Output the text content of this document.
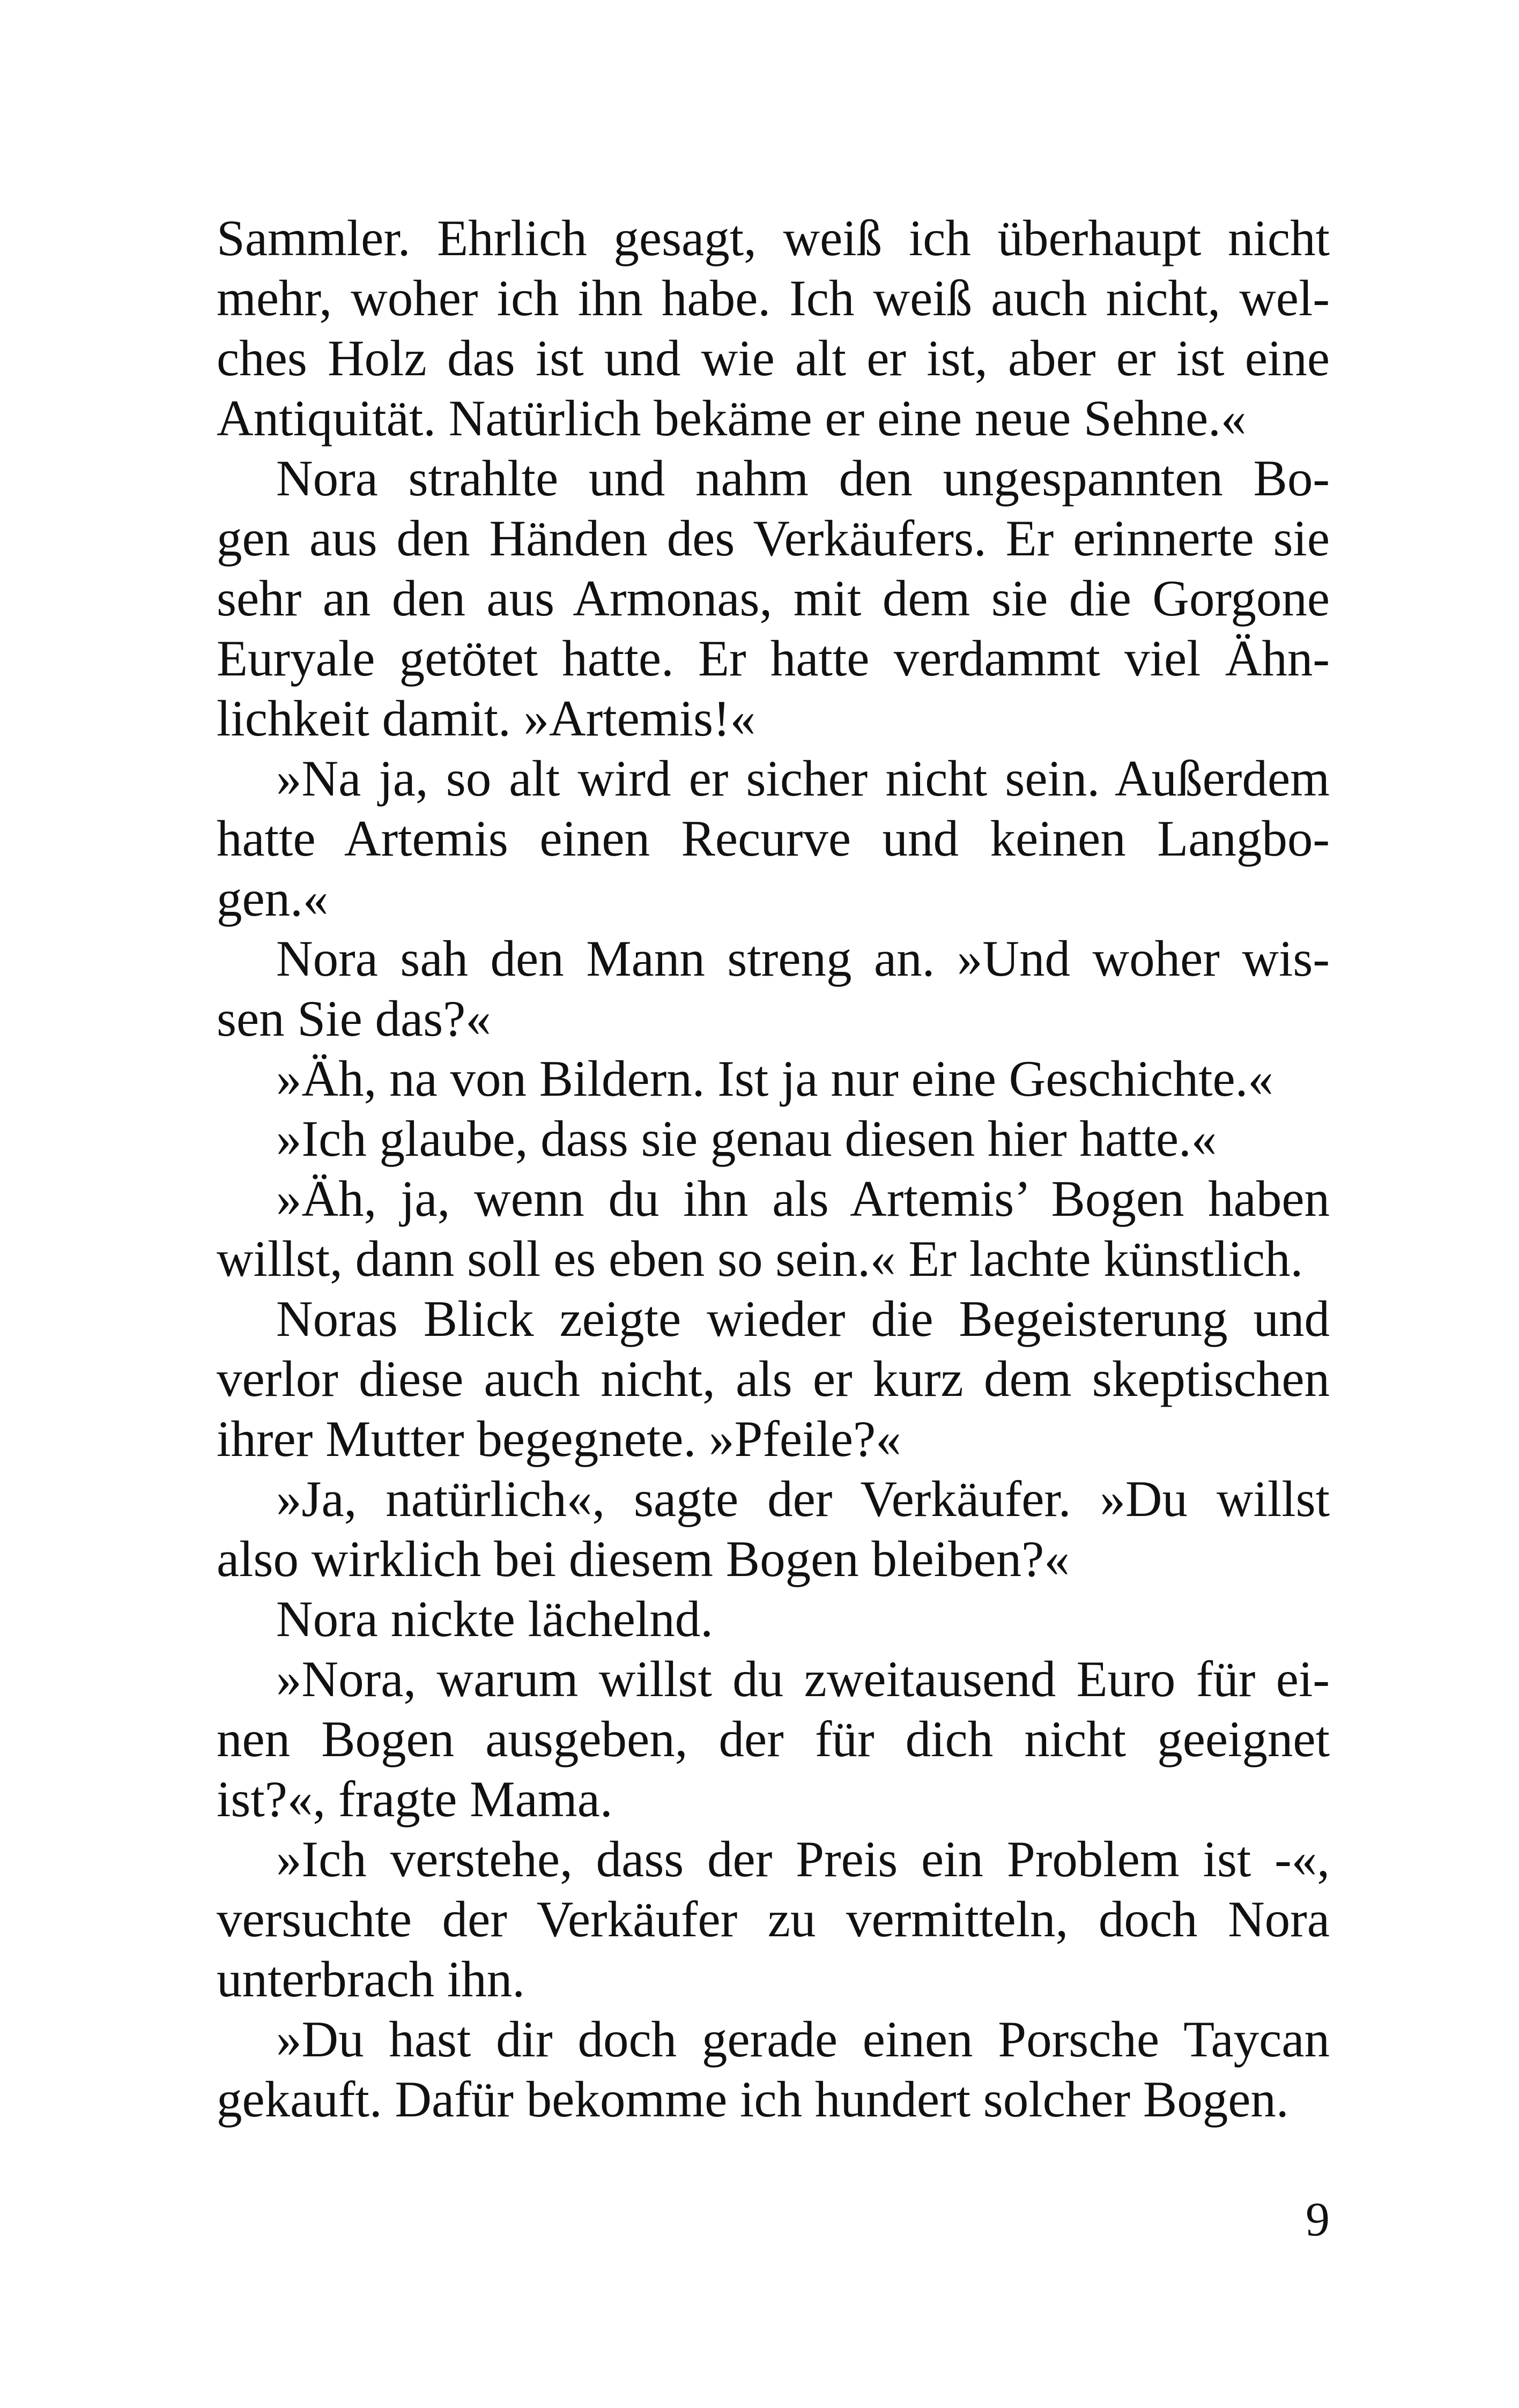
Sammler. Ehrlich gesagt, weiß ich überhaupt nicht
mehr, woher ich ihn habe. Ich weiß auch nicht, wel-
ches Holz das ist und wie alt er ist, aber er ist eine
Antiquität. Natürlich bekäme er eine neue Sehne.«
Nora strahlte und nahm den ungespannten Bo-
gen aus den Händen des Verkäufers. Er erinnerte sie
sehr an den aus Armonas, mit dem sie die Gorgone
Euryale getötet hatte. Er hatte verdammt viel Ähn-
lichkeit damit. »Artemis!«
»Na ja, so alt wird er sicher nicht sein. Außerdem
hatte Artemis einen Recurve und keinen Langbo-
gen.«
Nora sah den Mann streng an. »Und woher wis-
sen Sie das?«
»Äh, na von Bildern. Ist ja nur eine Geschichte.«
»Ich glaube, dass sie genau diesen hier hatte.«
»Äh, ja, wenn du ihn als Artemis’ Bogen haben
willst, dann soll es eben so sein.« Er lachte künstlich.
Noras Blick zeigte wieder die Begeisterung und
verlor diese auch nicht, als er kurz dem skeptischen
ihrer Mutter begegnete. »Pfeile?«
»Ja, natürlich«, sagte der Verkäufer. »Du willst
also wirklich bei diesem Bogen bleiben?«
Nora nickte lächelnd.
»Nora, warum willst du zweitausend Euro für ei-
nen Bogen ausgeben, der für dich nicht geeignet
ist?«, fragte Mama.
»Ich verstehe, dass der Preis ein Problem ist -«,
versuchte der Verkäufer zu vermitteln, doch Nora
unterbrach ihn.
»Du hast dir doch gerade einen Porsche Taycan
gekauft. Dafür bekomme ich hundert solcher Bogen.
9
